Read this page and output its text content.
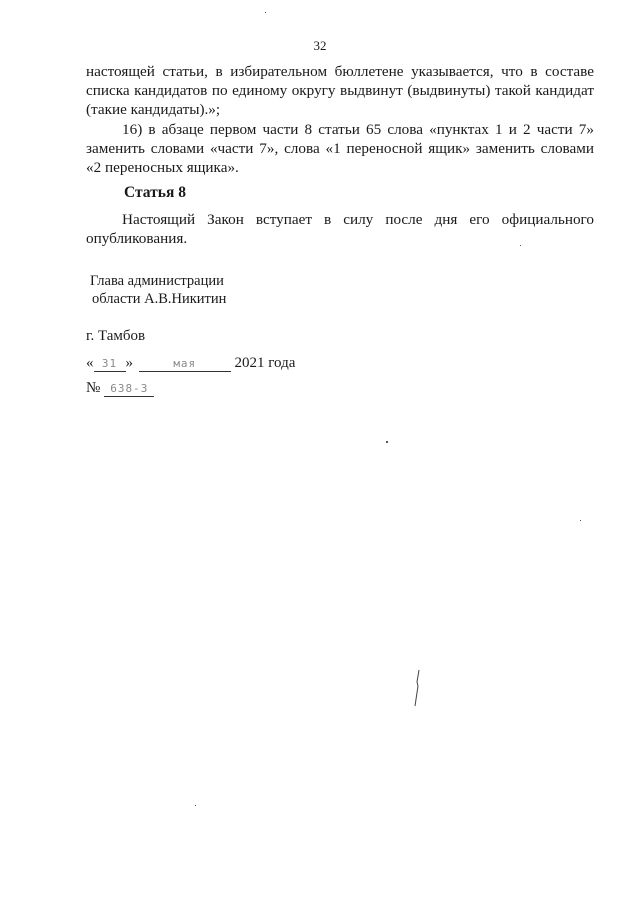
32

настоящей статьи, в избирательном бюллетене указывается, что в составе списка кандидатов по единому округу выдвинут (выдвинуты) такой кандидат (такие кандидаты).»;

16) в абзаце первом части 8 статьи 65 слова «пунктах 1 и 2 части 7» заменить словами «части 7», слова «1 переносной ящик» заменить словами «2 переносных ящика».

Статья 8

Настоящий Закон вступает в силу после дня его официального опубликования.

Глава администрации
области А.В.Никитин
г. Тамбов
« 31 »	мая	2021 года
№ 638-З
